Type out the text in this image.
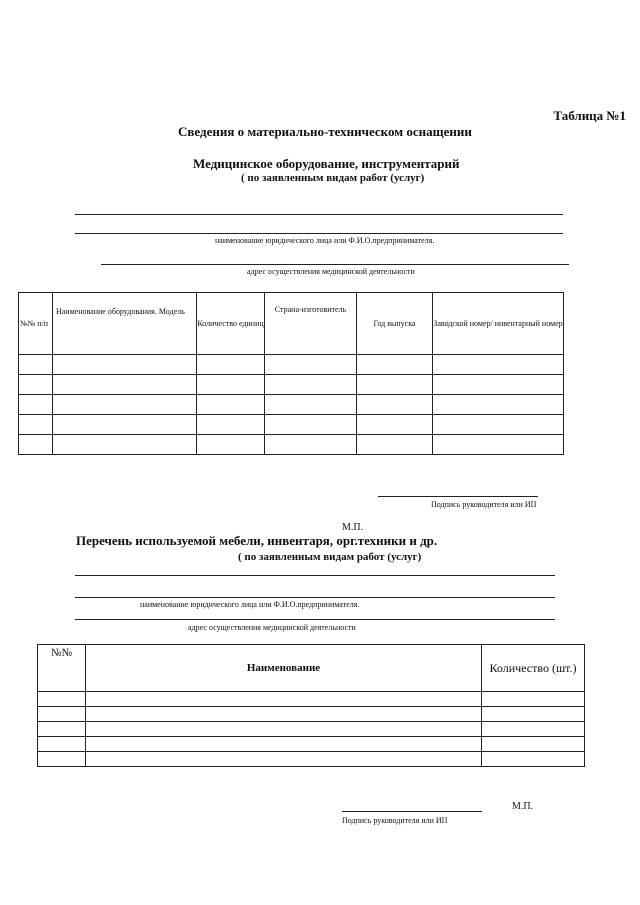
Таблица №1
Сведения о материально-техническом оснащении
Медицинское оборудование, инструментарий
( по заявленным видам работ (услуг)
наименование юридического лица или Ф.И.О.предпринимателя.
адрес осуществления медицинской деятельности
№№ п/п	Наименование оборудования. Модель	Количество единиц	Страна-изготовитель	Год выпуска	Заводской номер/ инвентарный номер

Подпись руководителя или ИП
М.П.
Перечень используемой мебели, инвентаря, орг.техники и др.
( по заявленным видам работ (услуг)
наименование юридического лица или Ф.И.О.предпринимателя.
адрес осуществления медицинской деятельности
№№	Наименование	Количество (шт.)

М.П.
Подпись руководителя или ИП
